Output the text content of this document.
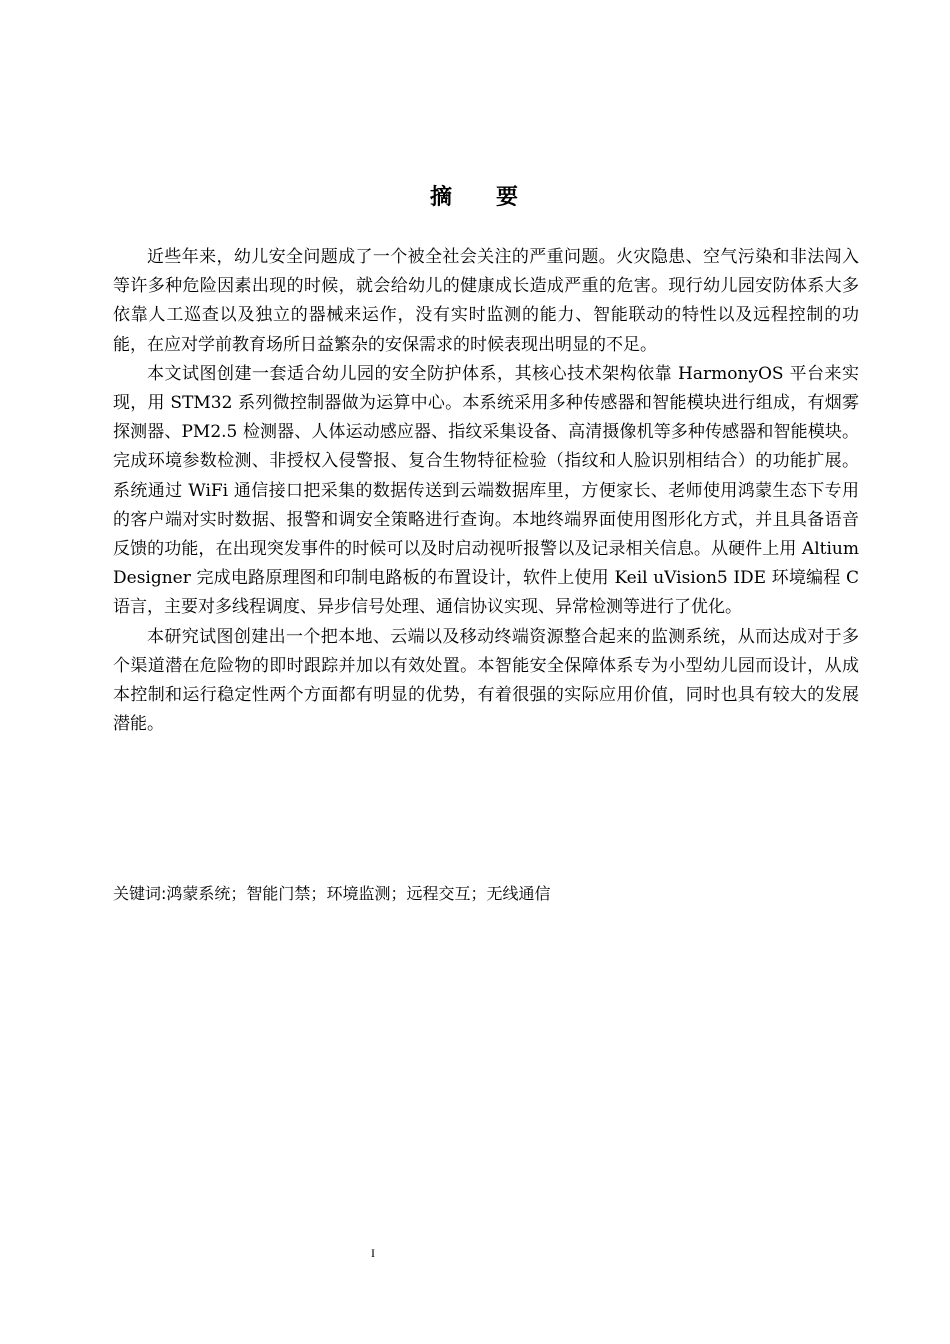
摘 要

近些年来，幼儿安全问题成了一个被全社会关注的严重问题。火灾隐患、空气污染和非法闯入等许多种危险因素出现的时候，就会给幼儿的健康成长造成严重的危害。现行幼儿园安防体系大多依靠人工巡查以及独立的器械来运作，没有实时监测的能力、智能联动的特性以及远程控制的功能，在应对学前教育场所日益繁杂的安保需求的时候表现出明显的不足。

本文试图创建一套适合幼儿园的安全防护体系，其核心技术架构依靠 HarmonyOS 平台来实现，用 STM32 系列微控制器做为运算中心。本系统采用多种传感器和智能模块进行组成，有烟雾探测器、PM2.5 检测器、人体运动感应器、指纹采集设备、高清摄像机等多种传感器和智能模块。完成环境参数检测、非授权入侵警报、复合生物特征检验（指纹和人脸识别相结合）的功能扩展。系统通过 WiFi 通信接口把采集的数据传送到云端数据库里，方便家长、老师使用鸿蒙生态下专用的客户端对实时数据、报警和调安全策略进行查询。本地终端界面使用图形化方式，并且具备语音反馈的功能，在出现突发事件的时候可以及时启动视听报警以及记录相关信息。从硬件上用 Altium Designer 完成电路原理图和印制电路板的布置设计，软件上使用 Keil uVision5 IDE 环境编程 C 语言，主要对多线程调度、异步信号处理、通信协议实现、异常检测等进行了优化。

本研究试图创建出一个把本地、云端以及移动终端资源整合起来的监测系统，从而达成对于多个渠道潜在危险物的即时跟踪并加以有效处置。本智能安全保障体系专为小型幼儿园而设计，从成本控制和运行稳定性两个方面都有明显的优势，有着很强的实际应用价值，同时也具有较大的发展潜能。

关键词:鸿蒙系统；智能门禁；环境监测；远程交互；无线通信
I
